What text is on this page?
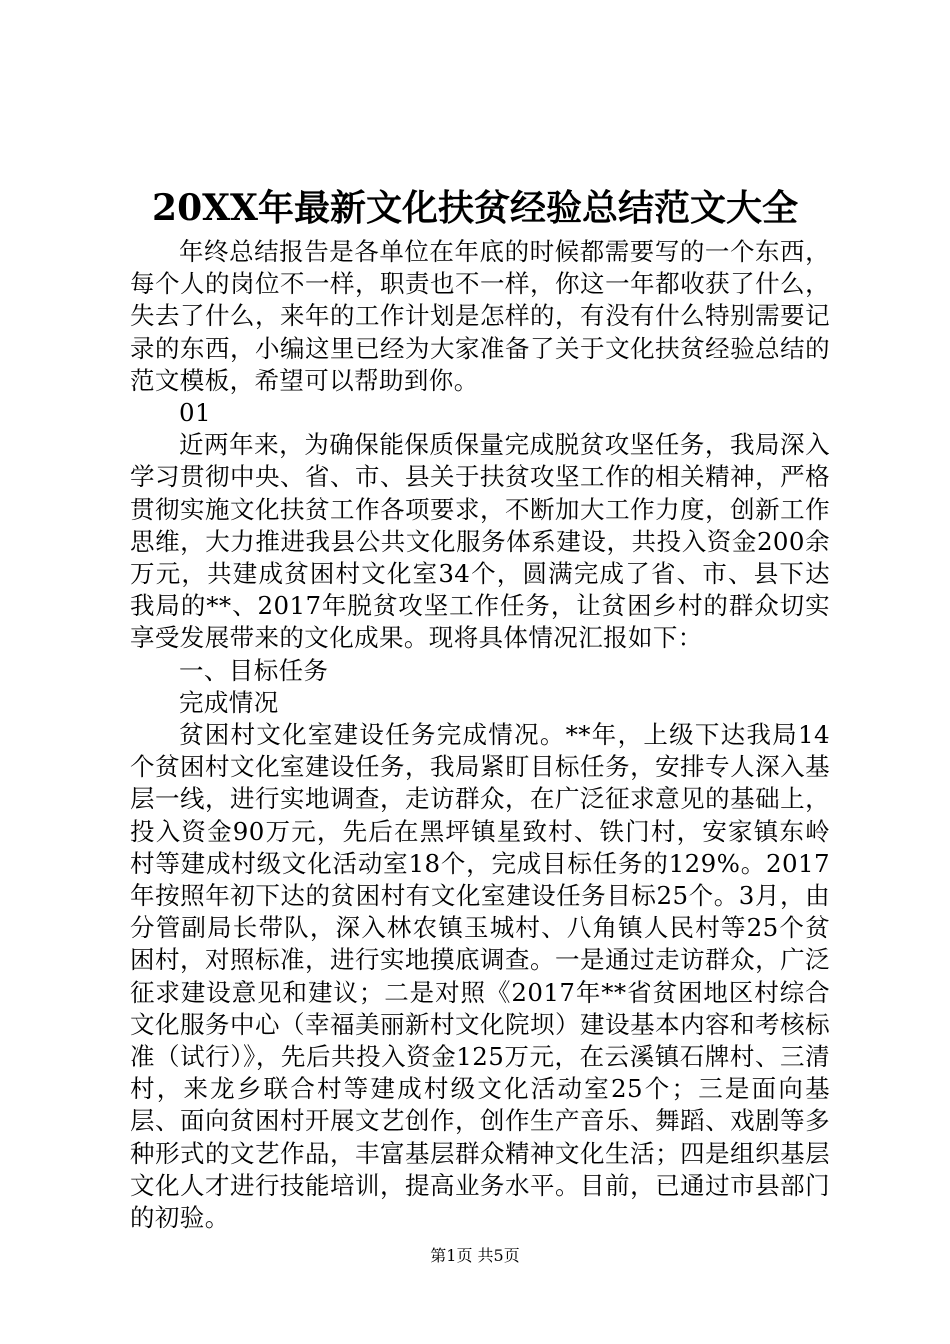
20XX年最新文化扶贫经验总结范文大全

年终总结报告是各单位在年底的时候都需要写的一个东西，每个人的岗位不一样，职责也不一样，你这一年都收获了什么，失去了什么，来年的工作计划是怎样的，有没有什么特别需要记录的东西，小编这里已经为大家准备了关于文化扶贫经验总结的范文模板，希望可以帮助到你。

01

近两年来，为确保能保质保量完成脱贫攻坚任务，我局深入学习贯彻中央、省、市、县关于扶贫攻坚工作的相关精神，严格贯彻实施文化扶贫工作各项要求，不断加大工作力度，创新工作思维，大力推进我县公共文化服务体系建设，共投入资金200余万元，共建成贫困村文化室34个，圆满完成了省、市、县下达我局的**、2017年脱贫攻坚工作任务，让贫困乡村的群众切实享受发展带来的文化成果。现将具体情况汇报如下：

一、目标任务

完成情况

贫困村文化室建设任务完成情况。**年，上级下达我局14个贫困村文化室建设任务，我局紧盯目标任务，安排专人深入基层一线，进行实地调查，走访群众，在广泛征求意见的基础上，投入资金90万元，先后在黑坪镇星致村、铁门村，安家镇东岭村等建成村级文化活动室18个，完成目标任务的129%。2017年按照年初下达的贫困村有文化室建设任务目标25个。3月，由分管副局长带队，深入林农镇玉城村、八角镇人民村等25个贫困村，对照标准，进行实地摸底调查。一是通过走访群众，广泛征求建设意见和建议；二是对照《2017年**省贫困地区村综合文化服务中心（幸福美丽新村文化院坝）建设基本内容和考核标准（试行）》，先后共投入资金125万元，在云溪镇石牌村、三清村，来龙乡联合村等建成村级文化活动室25个；三是面向基层、面向贫困村开展文艺创作，创作生产音乐、舞蹈、戏剧等多种形式的文艺作品，丰富基层群众精神文化生活；四是组织基层文化人才进行技能培训，提高业务水平。目前，已通过市县部门的初验。

第1页 共5页
